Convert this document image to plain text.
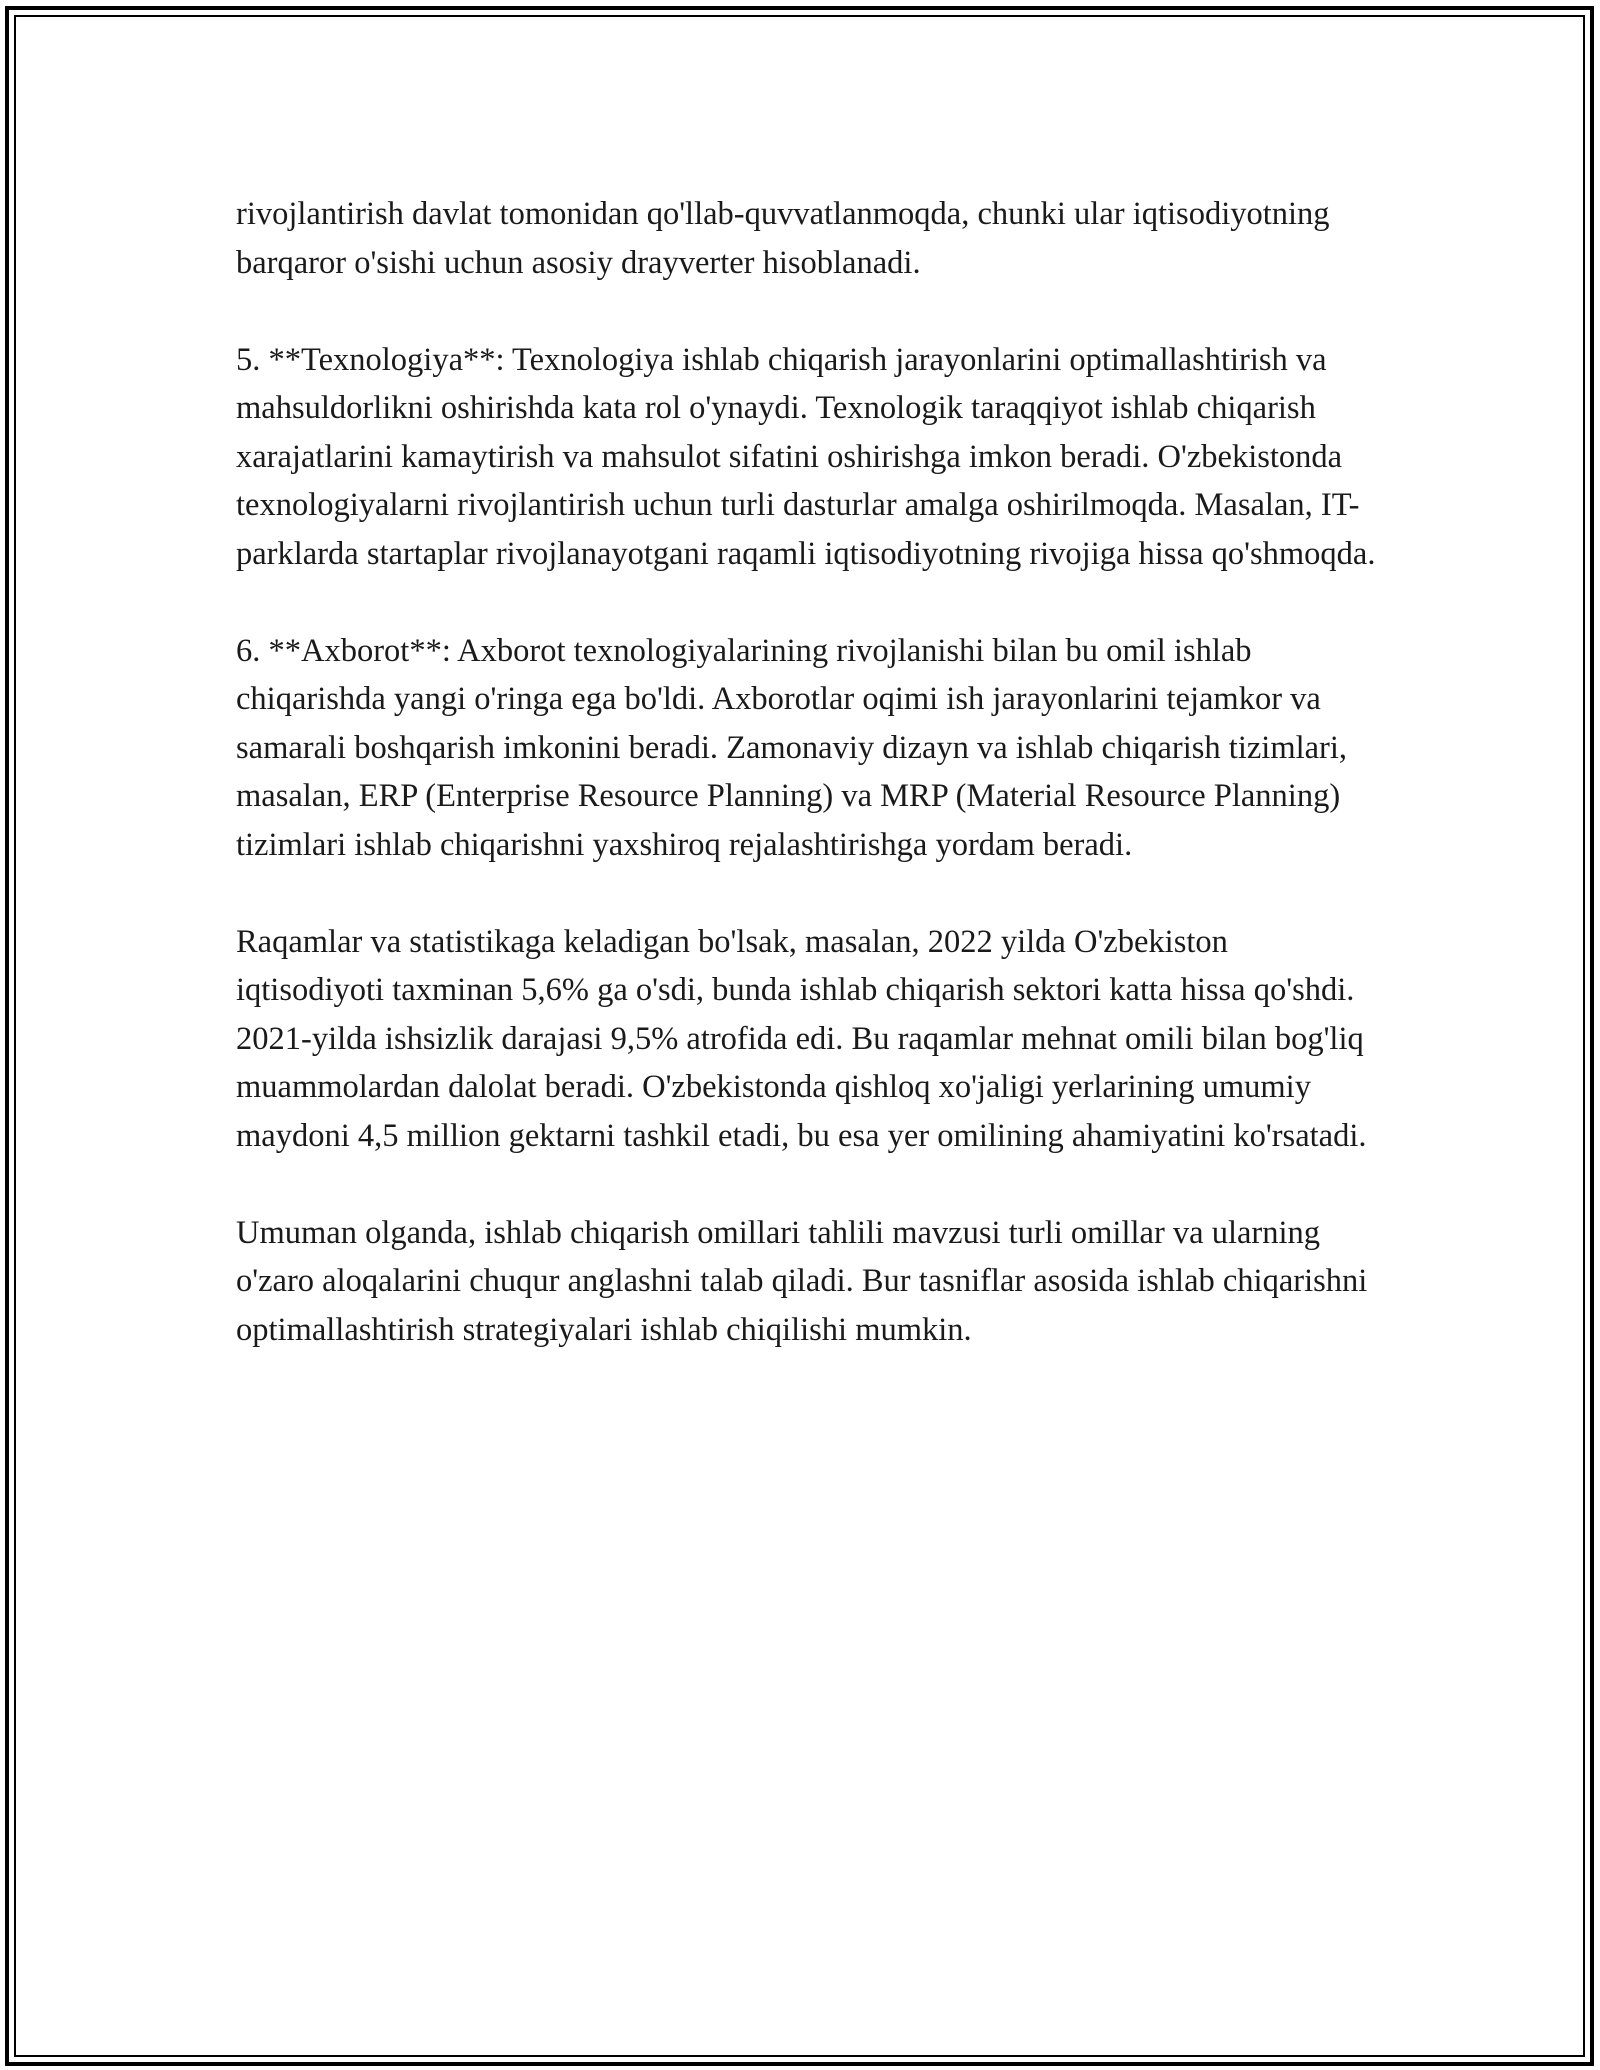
rivojlantirish davlat tomonidan qo'llab-quvvatlanmoqda, chunki ular iqtisodiyotning barqaror o'sishi uchun asosiy drayverter hisoblanadi.

5. **Texnologiya**: Texnologiya ishlab chiqarish jarayonlarini optimallashtirish va mahsuldorlikni oshirishda kata rol o'ynaydi. Texnologik taraqqiyot ishlab chiqarish xarajatlarini kamaytirish va mahsulot sifatini oshirishga imkon beradi. O'zbekistonda texnologiyalarni rivojlantirish uchun turli dasturlar amalga oshirilmoqda. Masalan, IT-parklarda startaplar rivojlanayotgani raqamli iqtisodiyotning rivojiga hissa qo'shmoqda.

6. **Axborot**: Axborot texnologiyalarining rivojlanishi bilan bu omil ishlab chiqarishda yangi o'ringa ega bo'ldi. Axborotlar oqimi ish jarayonlarini tejamkor va samarali boshqarish imkonini beradi. Zamonaviy dizayn va ishlab chiqarish tizimlari, masalan, ERP (Enterprise Resource Planning) va MRP (Material Resource Planning) tizimlari ishlab chiqarishni yaxshiroq rejalashtirishga yordam beradi.

Raqamlar va statistikaga keladigan bo'lsak, masalan, 2022 yilda O'zbekiston iqtisodiyoti taxminan 5,6% ga o'sdi, bunda ishlab chiqarish sektori katta hissa qo'shdi. 2021-yilda ishsizlik darajasi 9,5% atrofida edi. Bu raqamlar mehnat omili bilan bog'liq muammolardan dalolat beradi. O'zbekistonda qishloq xo'jaligi yerlarining umumiy maydoni 4,5 million gektarni tashkil etadi, bu esa yer omilining ahamiyatini ko'rsatadi.

Umuman olganda, ishlab chiqarish omillari tahlili mavzusi turli omillar va ularning o'zaro aloqalarini chuqur anglashni talab qiladi. Bur tasniflar asosida ishlab chiqarishni optimallashtirish strategiyalari ishlab chiqilishi mumkin.
